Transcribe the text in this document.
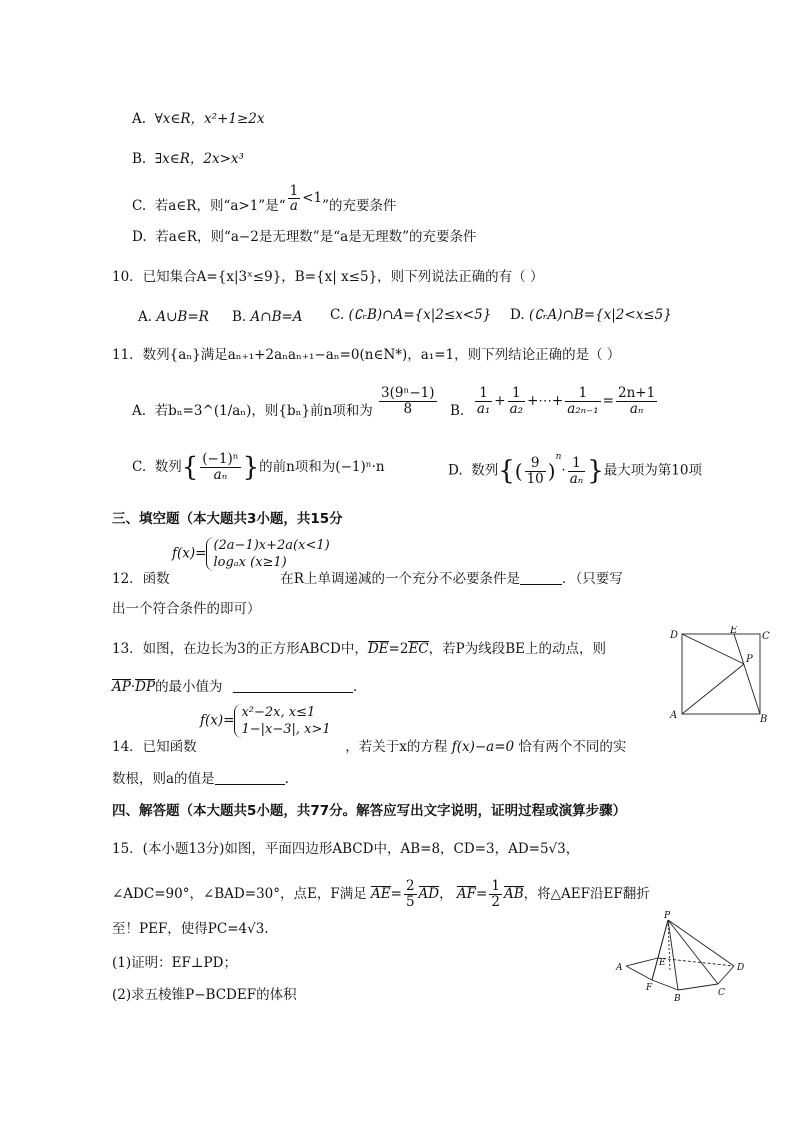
A. ∀x∈R，x²+1≥2x
B. ∃x∈R，2x>x³
C. 若a∈R，则“a>1”是“ $\frac{1}{a} <1$”的充要条件
D. 若a∈R，则“a−2是无理数”是“a是无理数”的充要条件
10．已知集合A={x|3ˣ≤9}，B={x| x≤5}，则下列说法正确的有（ ）
A. A∪B=R B. A∩B=A C. (∁ᵣB)∩A={x|2≤x<5} D. (∁ᵣA)∩B={x|2<x≤5}
11．数列{aₙ}满足aₙ₊₁+2aₙaₙ₊₁−aₙ=0(n∈N*)，a₁=1，则下列结论正确的是（ ）
A. 若bₙ=3^(1/aₙ)，则{bₙ}前n项和为 $\frac{\text{3(9ⁿ−1)}}{8} B$. $\frac{1}{\text{a₁}} + \frac{1}{\text{a₂}}$ +⋯+ $\frac{1}{\text{a₂ₙ₋₁}} = \frac{2n+1}{\text{aₙ}}$
C. 数列{ $\frac{\text{(−1)ⁿ}}{\text{aₙ}}$ }的前n项和为(−1)ⁿ·n	D. 数列{( $\frac{9}{10} )^n\cdot \frac{1}{\text{aₙ}}$ }最大项为第10项
三、填空题（本大题共3小题，共15分
f(x)= (2a−1)x+2a(x<1)
logₐx (x≥1)
12．函数	在R上单调递减的一个充分不必要条件是	．（只要写
出一个符合条件的即可）
13．如图，在边长为3的正方形ABCD中，DE=2EC，若P为线段BE上的动点，则
AP·DP的最小值为	.
D	E
C
P
A	B
f(x)= x²−2x, x≤1
1−|x−3|, x>1
14．已知函数	，若关于x的方程 f(x)−a=0 恰有两个不同的实
数根，则a的值是	.
四、解答题（本大题共5小题，共77分。解答应写出文字说明，证明过程或演算步骤）
15．(本小题13分)如图，平面四边形ABCD中，AB=8，CD=3，AD=5√3，
∠ADC=90°，∠BAD=30°，点E，F满足 $AE= \frac{2}{5}$ AD， $AF= \frac{1}{2}$ AB，将△AEF沿EF翻折
至！PEF，使得PC=4√3.
(1)证明：EF⊥PD；
(2)求五棱锥P−BCDEF的体积
P
E
A	D
F
B
C
